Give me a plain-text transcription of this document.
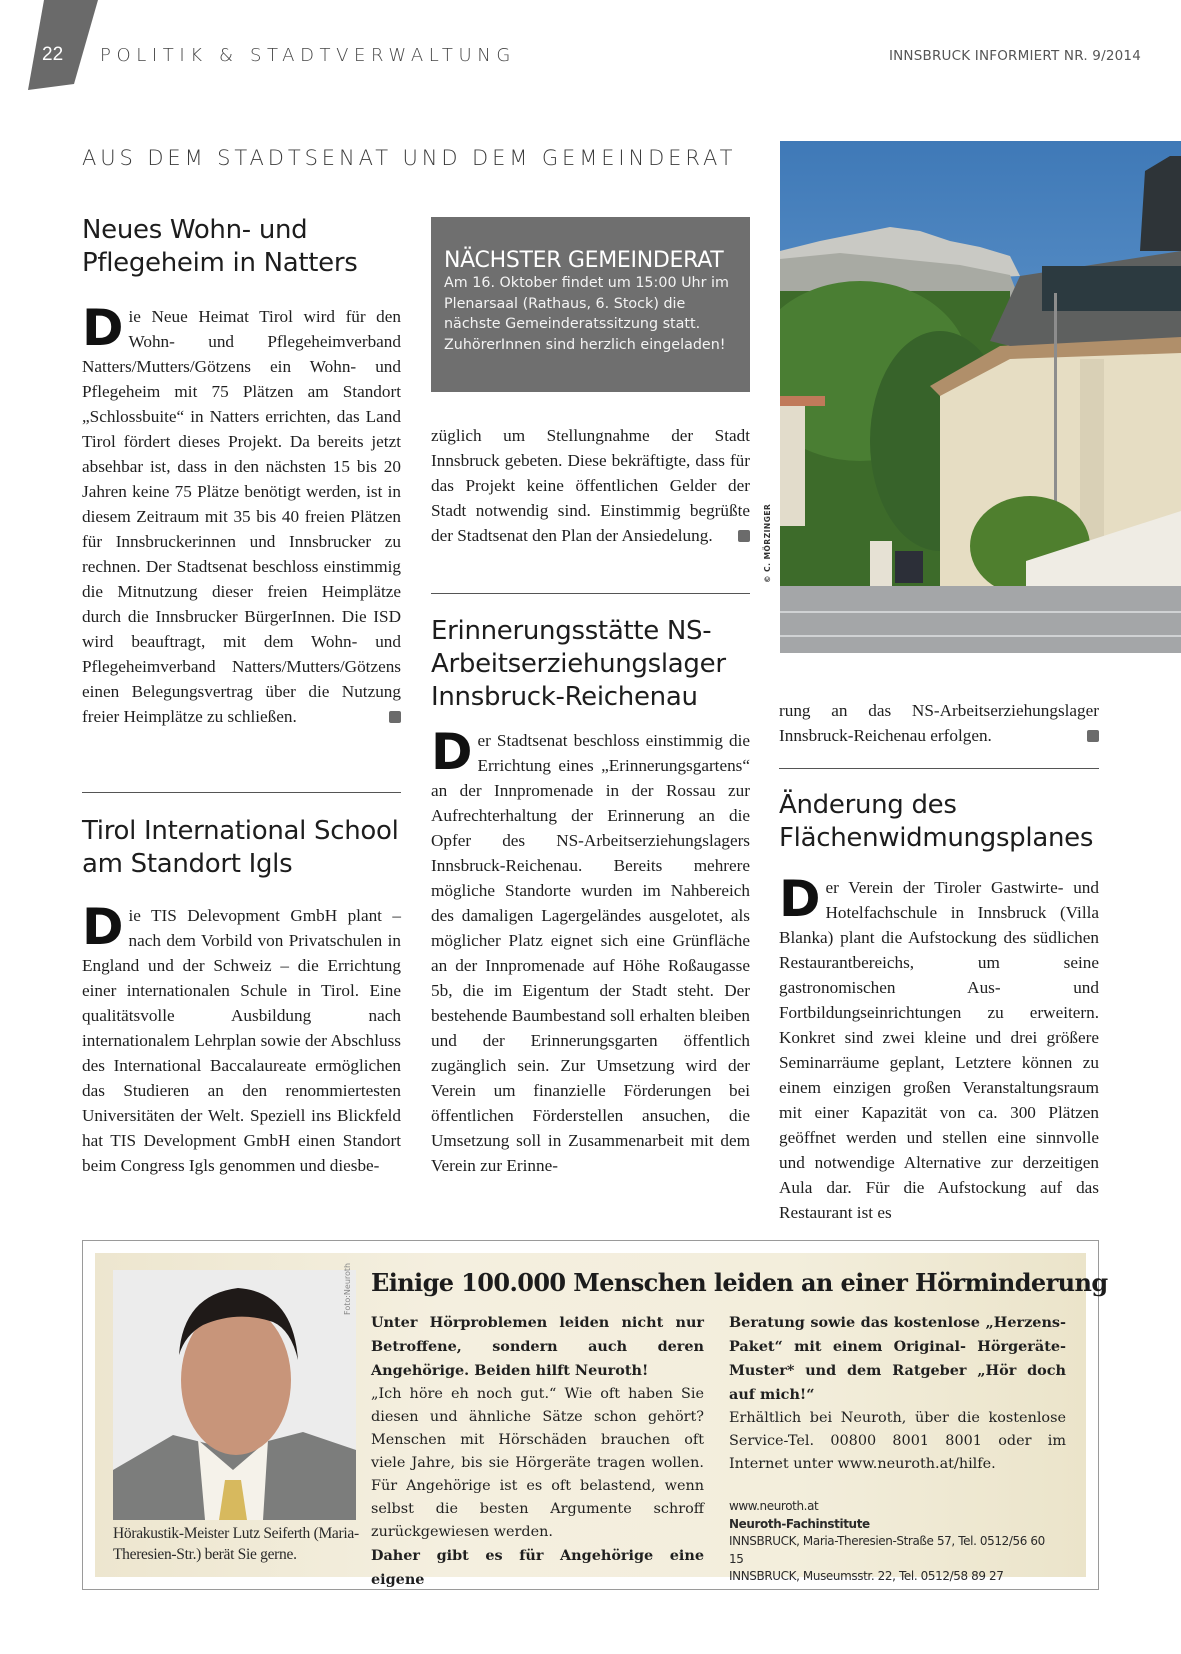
22 POLITIK & STADTVERWALTUNG	INNSBRUCK INFORMIERT NR. 9/2014
AUS DEM STADTSENAT UND DEM GEMEINDERAT
Neues Wohn- und Pflegeheim in Natters
Die Neue Heimat Tirol wird für den Wohn- und Pflegeheimverband Natters/Mutters/Götzens ein Wohn- und Pflegeheim mit 75 Plätzen am Standort „Schlossbuite“ in Natters errichten, das Land Tirol fördert dieses Projekt. Da bereits jetzt absehbar ist, dass in den nächsten 15 bis 20 Jahren keine 75 Plätze benötigt werden, ist in diesem Zeitraum mit 35 bis 40 freien Plätzen für Innsbruckerinnen und Innsbrucker zu rechnen. Der Stadtsenat beschloss einstimmig die Mitnutzung dieser freien Heimplätze durch die Innsbrucker BürgerInnen. Die ISD wird beauftragt, mit dem Wohn- und Pflegeheimverband Natters/Mutters/Götzens einen Belegungsvertrag über die Nutzung freier Heimplätze zu schließen.
Tirol International School am Standort Igls
Die TIS Delevopment GmbH plant – nach dem Vorbild von Privatschulen in England und der Schweiz – die Errichtung einer internationalen Schule in Tirol. Eine qualitätsvolle Ausbildung nach internationalem Lehrplan sowie der Abschluss des International Baccalaureate ermöglichen das Studieren an den renommiertesten Universitäten der Welt. Speziell ins Blickfeld hat TIS Development GmbH einen Standort beim Congress Igls genommen und diesbe-
NÄCHSTER GEMEINDERAT
Am 16. Oktober findet um 15:00 Uhr im Plenarsaal (Rathaus, 6. Stock) die nächste Gemeinderatssitzung statt. ZuhörerInnen sind herzlich eingeladen!
züglich um Stellungnahme der Stadt Innsbruck gebeten. Diese bekräftigte, dass für das Projekt keine öffentlichen Gelder der Stadt notwendig sind. Einstimmig begrüßte der Stadtsenat den Plan der Ansiedelung.
Erinnerungsstätte NS-Arbeitserziehungslager Innsbruck-Reichenau
Der Stadtsenat beschloss einstimmig die Errichtung eines „Erinnerungsgartens“ an der Innpromenade in der Rossau zur Aufrechterhaltung der Erinnerung an die Opfer des NS-Arbeitserziehungslagers Innsbruck-Reichenau. Bereits mehrere mögliche Standorte wurden im Nahbereich des damaligen Lagergeländes ausgelotet, als möglicher Platz eignet sich eine Grünfläche an der Innpromenade auf Höhe Roßaugasse 5b, die im Eigentum der Stadt steht. Der bestehende Baumbestand soll erhalten bleiben und der Erinnerungsgarten öffentlich zugänglich sein. Zur Umsetzung wird der Verein um finanzielle Förderungen bei öffentlichen Förderstellen ansuchen, die Umsetzung soll in Zusammenarbeit mit dem Verein zur Erinne-
© C. MÖRZINGER
rung an das NS-Arbeitserziehungslager Innsbruck-Reichenau erfolgen.
Änderung des Flächenwidmungsplanes
Der Verein der Tiroler Gastwirte- und Hotelfachschule in Innsbruck (Villa Blanka) plant die Aufstockung des südlichen Restaurantbereichs, um seine gastronomischen Aus- und Fortbildungseinrichtungen zu erweitern. Konkret sind zwei kleine und drei größere Seminarräume geplant, Letztere können zu einem einzigen großen Veranstaltungsraum mit einer Kapazität von ca. 300 Plätzen geöffnet werden und stellen eine sinnvolle und notwendige Alternative zur derzeitigen Aula dar. Für die Aufstockung auf das Restaurant ist es
Foto:Neuroth
Hörakustik-Meister Lutz Seiferth (Maria-Theresien-Str.) berät Sie gerne.
Einige 100.000 Menschen leiden an einer Hörminderung
Unter Hörproblemen leiden nicht nur Betroffene, sondern auch deren Angehörige. Beiden hilft Neuroth!
„Ich höre eh noch gut.“ Wie oft haben Sie diesen und ähnliche Sätze schon gehört? Menschen mit Hörschäden brauchen oft viele Jahre, bis sie Hörgeräte tragen wollen. Für Angehörige ist es oft belastend, wenn selbst die besten Argumente schroff zurückgewiesen werden.
Daher gibt es für Angehörige eine eigene
Beratung sowie das kostenlose „Herzens-Paket“ mit einem Original- Hörgeräte-Muster* und dem Ratgeber „Hör doch auf mich!“
Erhältlich bei Neuroth, über die kostenlose Service-Tel. 00800 8001 8001 oder im Internet unter www.neuroth.at/hilfe.
www.neuroth.at
Neuroth-Fachinstitute
INNSBRUCK, Maria-Theresien-Straße 57, Tel. 0512/56 60 15
INNSBRUCK, Museumsstr. 22, Tel. 0512/58 89 27
